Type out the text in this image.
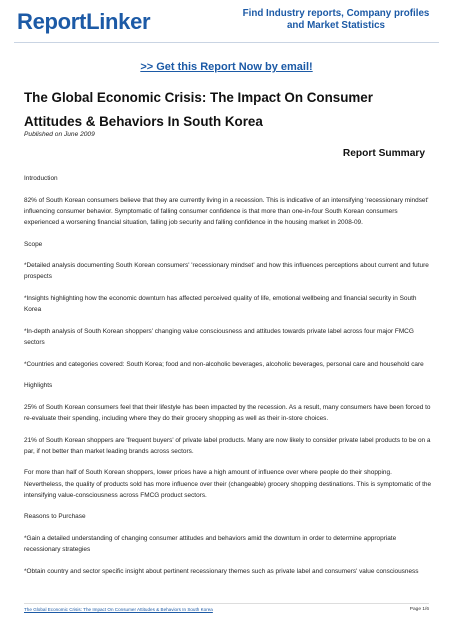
ReportLinker	Find Industry reports, Company profiles and Market Statistics
>> Get this Report Now by email!
The Global Economic Crisis: The Impact On Consumer Attitudes & Behaviors In South Korea
Published on June 2009
Report Summary

Introduction

82% of South Korean consumers believe that they are currently living in a recession. This is indicative of an intensifying 'recessionary mindset' influencing consumer behavior. Symptomatic of falling consumer confidence is that more than one-in-four South Korean consumers experienced a worsening financial situation, falling job security and falling confidence in the housing market in 2008-09.

Scope

*Detailed analysis documenting South Korean consumers' 'recessionary mindset' and how this influences perceptions about current and future prospects

*Insights highlighting how the economic downturn has affected perceived quality of life, emotional wellbeing and financial security in South Korea

*In-depth analysis of South Korean shoppers' changing value consciousness and attitudes towards private label across four major FMCG sectors

*Countries and categories covered: South Korea; food and non-alcoholic beverages, alcoholic beverages, personal care and household care

Highlights

25% of South Korean consumers feel that their lifestyle has been impacted by the recession. As a result, many consumers have been forced to re-evaluate their spending, including where they do their grocery shopping as well as their in-store choices.

21% of South Korean shoppers are 'frequent buyers' of private label products. Many are now likely to consider private label products to be on a par, if not better than market leading brands across sectors.

For more than half of South Korean shoppers, lower prices have a high amount of influence over where people do their shopping. Nevertheless, the quality of products sold has more influence over their (changeable) grocery shopping destinations. This is symptomatic of the intensifying value-consciousness across FMCG product sectors.

Reasons to Purchase

*Gain a detailed understanding of changing consumer attitudes and behaviors amid the downturn in order to determine appropriate recessionary strategies

*Obtain country and sector specific insight about pertinent recessionary themes such as private label and consumers' value consciousness

The Global Economic Crisis: The Impact On Consumer Attitudes & Behaviors In South Korea	Page 1/6
